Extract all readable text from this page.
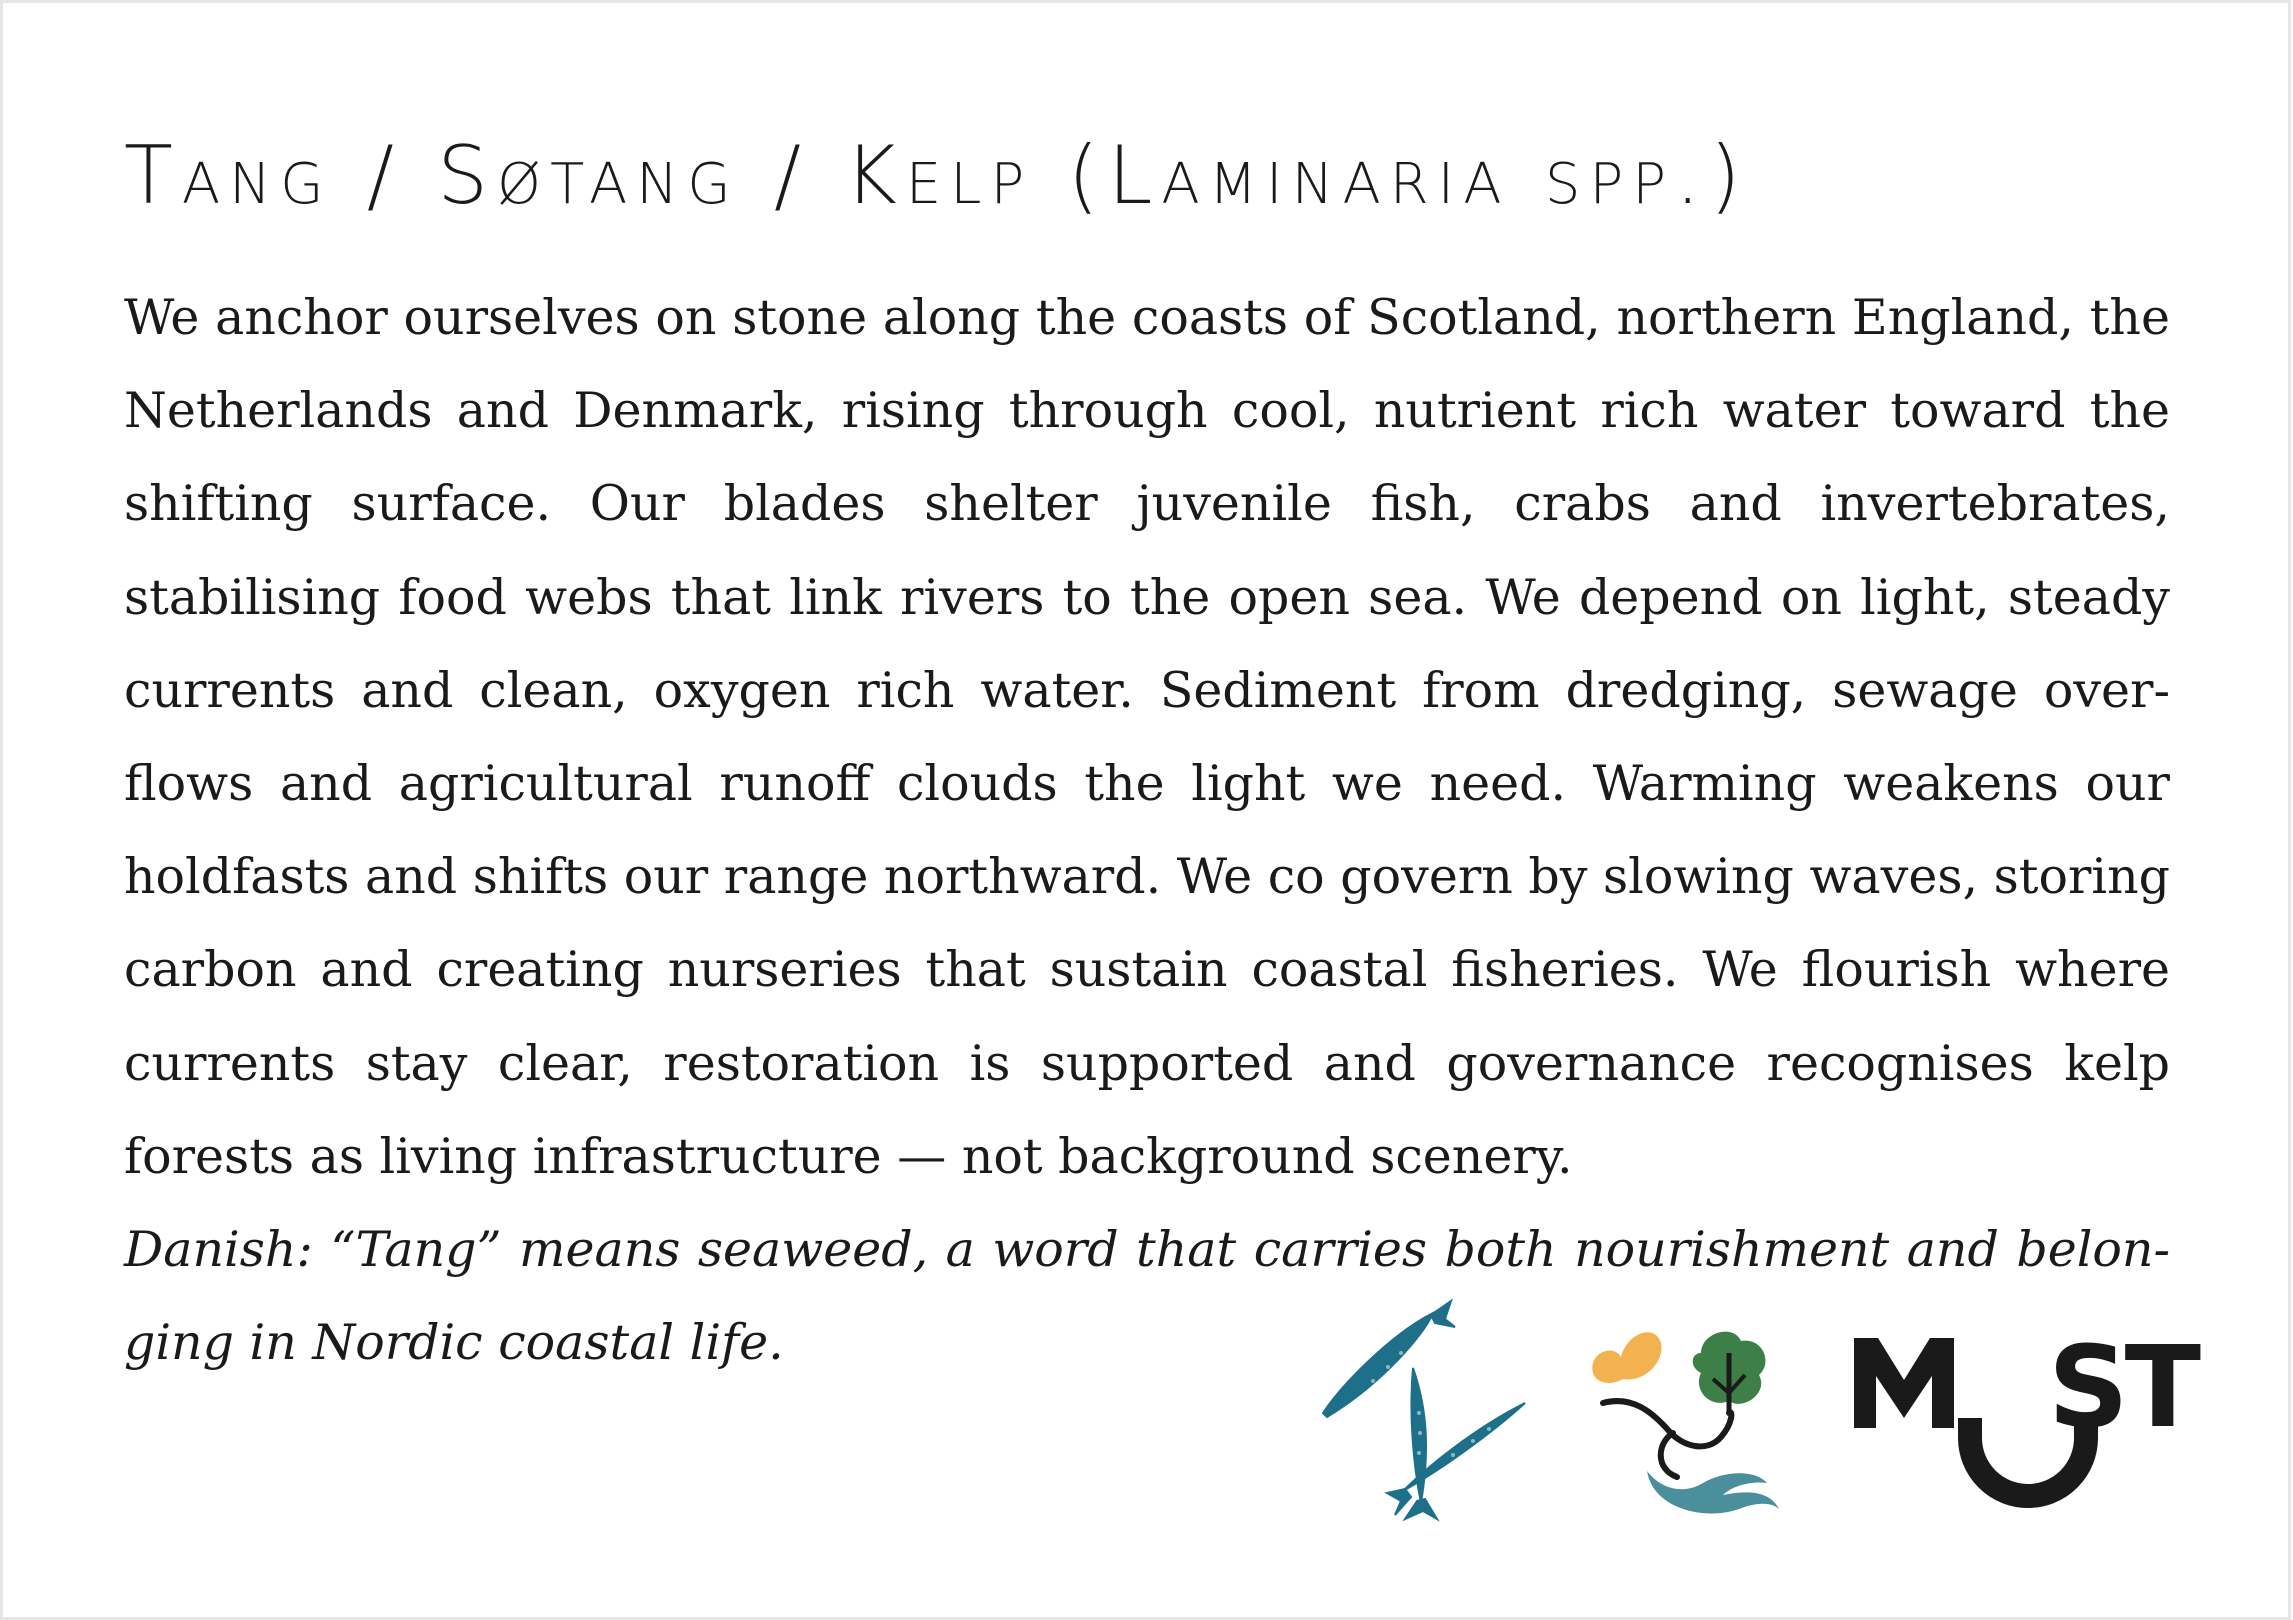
Tang / Søtang / Kelp (Laminaria spp.)

We anchor ourselves on stone along the coasts of Scotland, northern England, the Netherlands and Denmark, rising through cool, nutrient rich water toward the shifting surface. Our blades shelter juvenile fish, crabs and invertebrates, stabilising food webs that link rivers to the open sea. We depend on light, steady currents and clean, oxygen rich water. Sediment from dredging, sewage overflows and agricultural runoff clouds the light we need. Warming weakens our holdfasts and shifts our range northward. We co govern by slowing waves, storing carbon and creating nurseries that sustain coastal fisheries. We flourish where currents stay clear, restoration is supported and governance recognises kelp forests as living infrastructure — not background scenery.

Danish: “Tang” means seaweed, a word that carries both nourishment and belonging in Nordic coastal life.	ST
